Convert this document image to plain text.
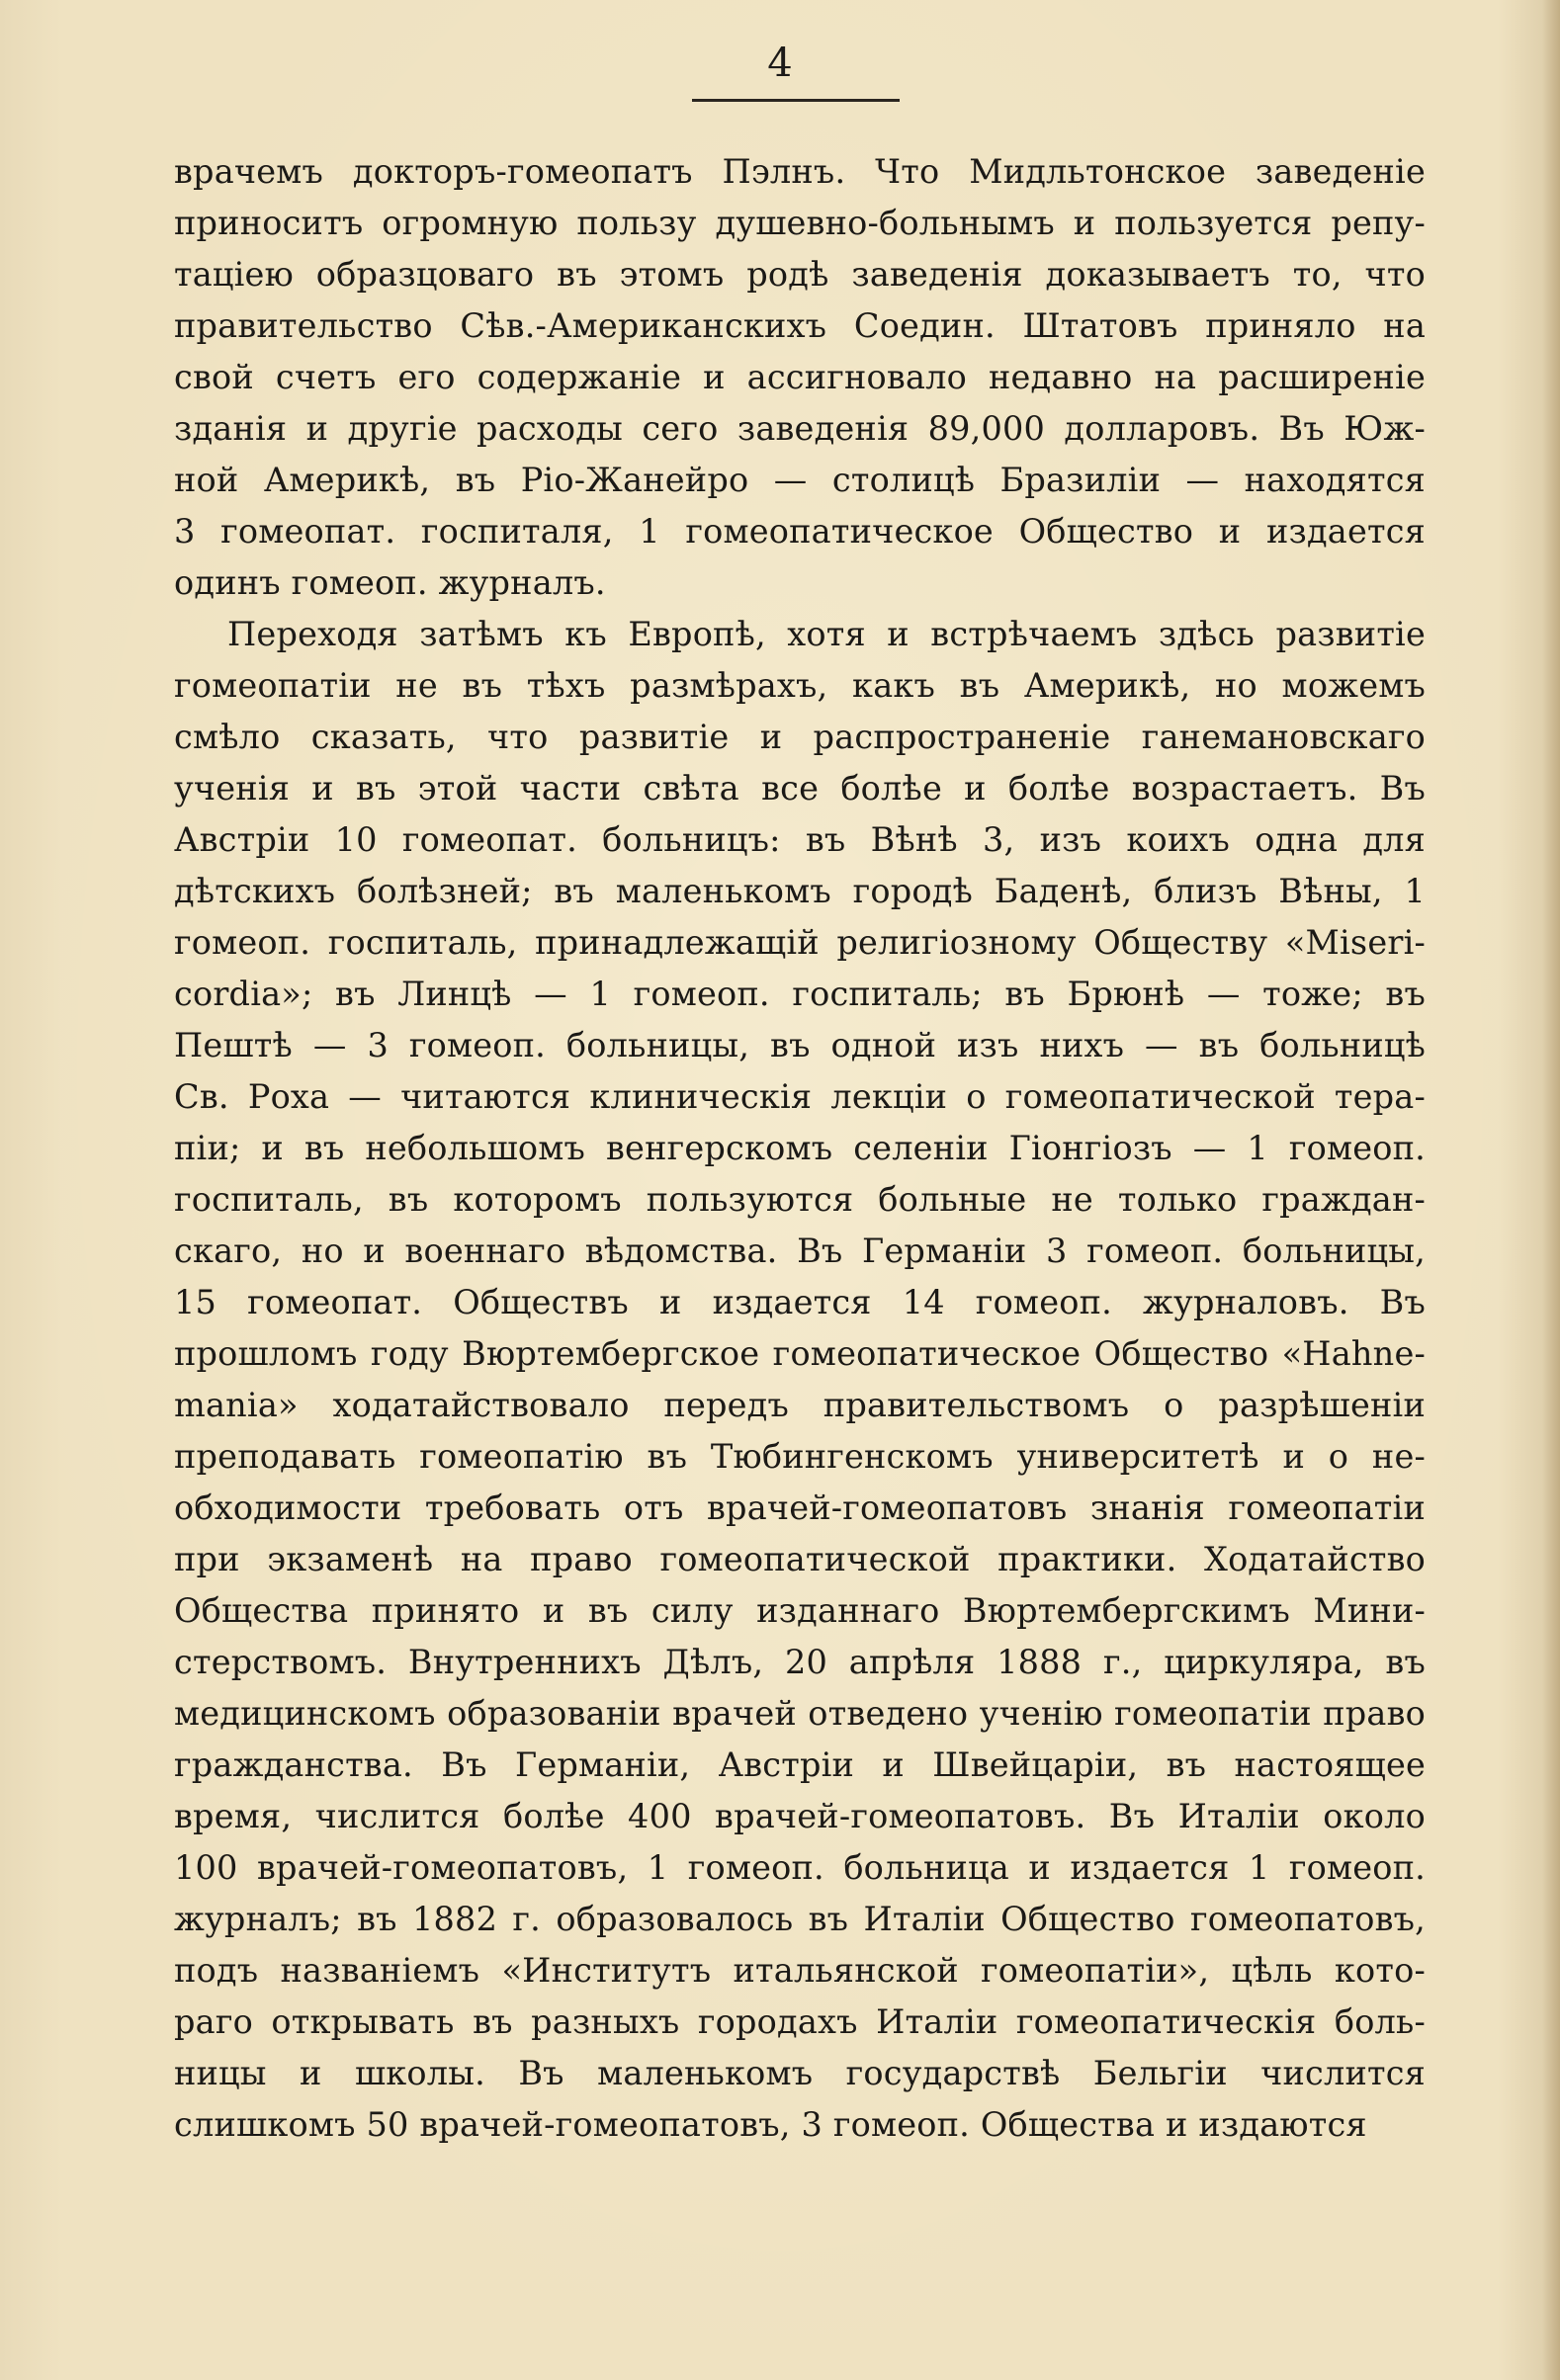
4
врачемъ докторъ-гомеопатъ Пэлнъ. Что Мидльтонское заведеніе
приноситъ огромную пользу душевно-больнымъ и пользуется репу-
таціею образцоваго въ этомъ родѣ заведенія доказываетъ то, что
правительство Сѣв.-Американскихъ Соедин. Штатовъ приняло на
свой счетъ его содержаніе и ассигновало недавно на расширеніе
зданія и другіе расходы сего заведенія 89,000 долларовъ. Въ Юж-
ной Америкѣ, въ Ріо-Жанейро — столицѣ Бразиліи — находятся
3 гомеопат. госпиталя, 1 гомеопатическое Общество и издается
одинъ гомеоп. журналъ.
Переходя затѣмъ къ Европѣ, хотя и встрѣчаемъ здѣсь развитіе
гомеопатіи не въ тѣхъ размѣрахъ, какъ въ Америкѣ, но можемъ
смѣло сказать, что развитіе и распространеніе ганемановскаго
ученія и въ этой части свѣта все болѣе и болѣе возрастаетъ. Въ
Австріи 10 гомеопат. больницъ: въ Вѣнѣ 3, изъ коихъ одна для
дѣтскихъ болѣзней; въ маленькомъ городѣ Баденѣ, близъ Вѣны, 1
гомеоп. госпиталь, принадлежащій религіозному Обществу «Miseri-
cordia»; въ Линцѣ — 1 гомеоп. госпиталь; въ Брюнѣ — тоже; въ
Пештѣ — 3 гомеоп. больницы, въ одной изъ нихъ — въ больницѣ
Св. Роха — читаются клиническія лекціи о гомеопатической тера-
піи; и въ небольшомъ венгерскомъ селеніи Гіонгіозъ — 1 гомеоп.
госпиталь, въ которомъ пользуются больные не только граждан-
скаго, но и военнаго вѣдомства. Въ Германіи 3 гомеоп. больницы,
15 гомеопат. Обществъ и издается 14 гомеоп. журналовъ. Въ
прошломъ году Вюртембергское гомеопатическое Общество «Hahne-
mania» ходатайствовало передъ правительствомъ о разрѣшеніи
преподавать гомеопатію въ Тюбингенскомъ университетѣ и о не-
обходимости требовать отъ врачей-гомеопатовъ знанія гомеопатіи
при экзаменѣ на право гомеопатической практики. Ходатайство
Общества принято и въ силу изданнаго Вюртембергскимъ Мини-
стерствомъ. Внутреннихъ Дѣлъ, 20 апрѣля 1888 г., циркуляра, въ
медицинскомъ образованіи врачей отведено ученію гомеопатіи право
гражданства. Въ Германіи, Австріи и Швейцаріи, въ настоящее
время, числится болѣе 400 врачей-гомеопатовъ. Въ Италіи около
100 врачей-гомеопатовъ, 1 гомеоп. больница и издается 1 гомеоп.
журналъ; въ 1882 г. образовалось въ Италіи Общество гомеопатовъ,
подъ названіемъ «Институтъ итальянской гомеопатіи», цѣль кото-
раго открывать въ разныхъ городахъ Италіи гомеопатическія боль-
ницы и школы. Въ маленькомъ государствѣ Бельгіи числится
слишкомъ 50 врачей-гомеопатовъ, 3 гомеоп. Общества и издаются
